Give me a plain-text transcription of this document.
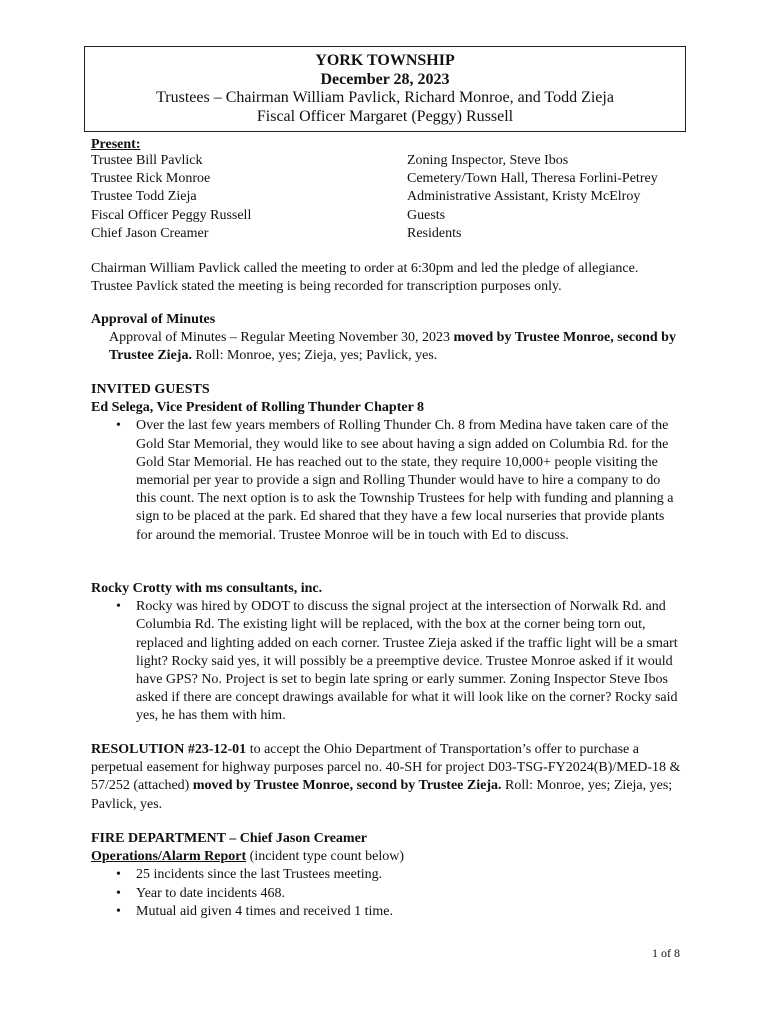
YORK TOWNSHIP
December 28, 2023
Trustees – Chairman William Pavlick, Richard Monroe, and Todd Zieja
Fiscal Officer Margaret (Peggy) Russell
Present:
Trustee Bill Pavlick
Trustee Rick Monroe
Trustee Todd Zieja
Fiscal Officer Peggy Russell
Chief Jason Creamer
Zoning Inspector, Steve Ibos
Cemetery/Town Hall, Theresa Forlini-Petrey
Administrative Assistant, Kristy McElroy
Guests
Residents
Chairman William Pavlick called the meeting to order at 6:30pm and led the pledge of allegiance. Trustee Pavlick stated the meeting is being recorded for transcription purposes only.
Approval of Minutes
Approval of Minutes – Regular Meeting November 30, 2023 moved by Trustee Monroe, second by Trustee Zieja. Roll: Monroe, yes; Zieja, yes; Pavlick, yes.
INVITED GUESTS
Ed Selega, Vice President of Rolling Thunder Chapter 8
• Over the last few years members of Rolling Thunder Ch. 8 from Medina have taken care of the Gold Star Memorial, they would like to see about having a sign added on Columbia Rd. for the Gold Star Memorial. He has reached out to the state, they require 10,000+ people visiting the memorial per year to provide a sign and Rolling Thunder would have to hire a company to do this count. The next option is to ask the Township Trustees for help with funding and planning a sign to be placed at the park. Ed shared that they have a few local nurseries that provide plants for around the memorial. Trustee Monroe will be in touch with Ed to discuss.
Rocky Crotty with ms consultants, inc.
• Rocky was hired by ODOT to discuss the signal project at the intersection of Norwalk Rd. and Columbia Rd. The existing light will be replaced, with the box at the corner being torn out, replaced and lighting added on each corner. Trustee Zieja asked if the traffic light will be a smart light? Rocky said yes, it will possibly be a preemptive device. Trustee Monroe asked if it would have GPS? No. Project is set to begin late spring or early summer. Zoning Inspector Steve Ibos asked if there are concept drawings available for what it will look like on the corner? Rocky said yes, he has them with him.
RESOLUTION #23-12-01 to accept the Ohio Department of Transportation’s offer to purchase a perpetual easement for highway purposes parcel no. 40-SH for project D03-TSG-FY2024(B)/MED-18 & 57/252 (attached) moved by Trustee Monroe, second by Trustee Zieja. Roll: Monroe, yes; Zieja, yes; Pavlick, yes.
FIRE DEPARTMENT – Chief Jason Creamer
Operations/Alarm Report (incident type count below)
• 25 incidents since the last Trustees meeting.
• Year to date incidents 468.
• Mutual aid given 4 times and received 1 time.
1 of 8
